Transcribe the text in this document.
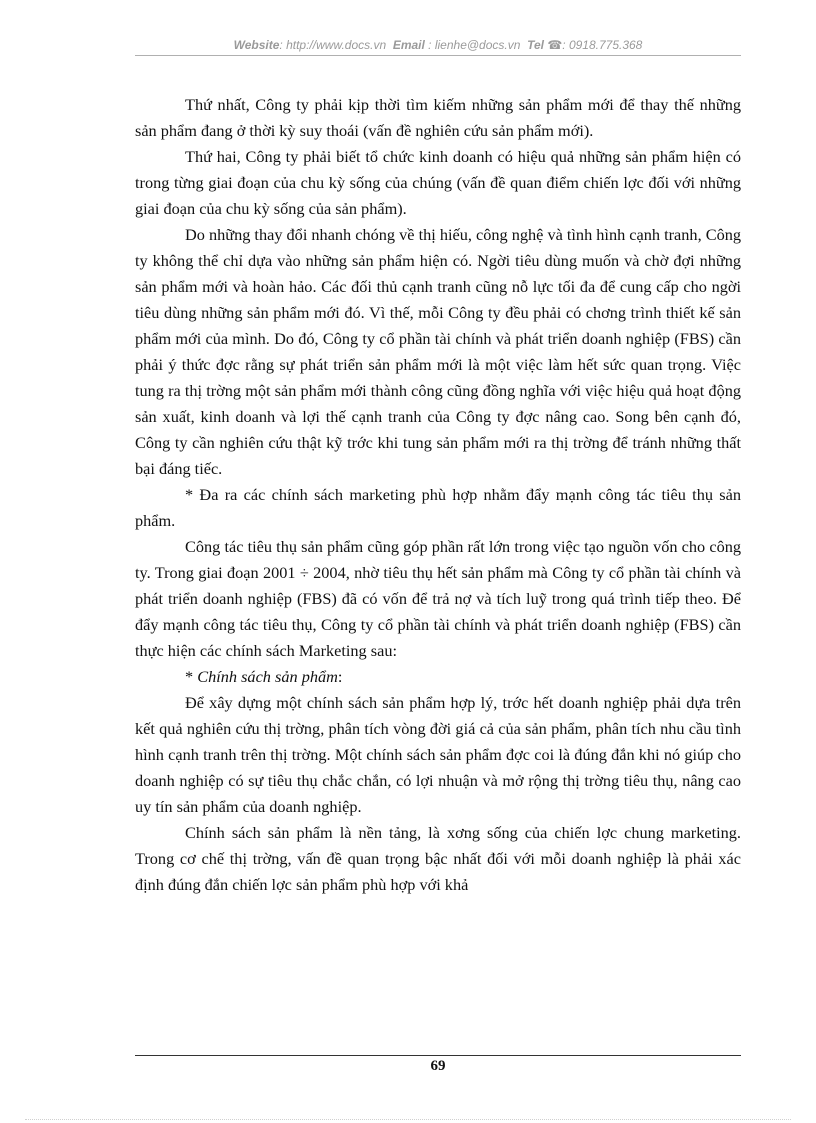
Website: http://www.docs.vn Email : lienhe@docs.vn Tel ☎: 0918.775.368

Thứ nhất, Công ty phải kịp thời tìm kiếm những sản phẩm mới để thay thế những sản phẩm đang ở thời kỳ suy thoái (vấn đề nghiên cứu sản phẩm mới).

Thứ hai, Công ty phải biết tổ chức kinh doanh có hiệu quả những sản phẩm hiện có trong từng giai đoạn của chu kỳ sống của chúng (vấn đề quan điểm chiến lợc đối với những giai đoạn của chu kỳ sống của sản phẩm).

Do những thay đổi nhanh chóng về thị hiếu, công nghệ và tình hình cạnh tranh, Công ty không thể chỉ dựa vào những sản phẩm hiện có. Ngời tiêu dùng muốn và chờ đợi những sản phẩm mới và hoàn hảo. Các đối thủ cạnh tranh cũng nỗ lực tối đa để cung cấp cho ngời tiêu dùng những sản phẩm mới đó. Vì thế, mỗi Công ty đều phải có chơng trình thiết kế sản phẩm mới của mình. Do đó, Công ty cổ phần tài chính và phát triển doanh nghiệp (FBS) cần phải ý thức đợc rằng sự phát triển sản phẩm mới là một việc làm hết sức quan trọng. Việc tung ra thị trờng một sản phẩm mới thành công cũng đồng nghĩa với việc hiệu quả hoạt động sản xuất, kinh doanh và lợi thế cạnh tranh của Công ty đợc nâng cao. Song bên cạnh đó, Công ty cần nghiên cứu thật kỹ trớc khi tung sản phẩm mới ra thị trờng để tránh những thất bại đáng tiếc.

* Đa ra các chính sách marketing phù hợp nhằm đẩy mạnh công tác tiêu thụ sản phẩm.

Công tác tiêu thụ sản phẩm cũng góp phần rất lớn trong việc tạo nguồn vốn cho công ty. Trong giai đoạn 2001 ÷ 2004, nhờ tiêu thụ hết sản phẩm mà Công ty cổ phần tài chính và phát triển doanh nghiệp (FBS) đã có vốn để trả nợ và tích luỹ trong quá trình tiếp theo. Để đẩy mạnh công tác tiêu thụ, Công ty cổ phần tài chính và phát triển doanh nghiệp (FBS) cần thực hiện các chính sách Marketing sau:

* Chính sách sản phẩm:

Để xây dựng một chính sách sản phẩm hợp lý, trớc hết doanh nghiệp phải dựa trên kết quả nghiên cứu thị trờng, phân tích vòng đời giá cả của sản phẩm, phân tích nhu cầu tình hình cạnh tranh trên thị trờng. Một chính sách sản phẩm đợc coi là đúng đắn khi nó giúp cho doanh nghiệp có sự tiêu thụ chắc chắn, có lợi nhuận và mở rộng thị trờng tiêu thụ, nâng cao uy tín sản phẩm của doanh nghiệp.

Chính sách sản phẩm là nền tảng, là xơng sống của chiến lợc chung marketing. Trong cơ chế thị trờng, vấn đề quan trọng bậc nhất đối với mỗi doanh nghiệp là phải xác định đúng đắn chiến lợc sản phẩm phù hợp với khả

69
